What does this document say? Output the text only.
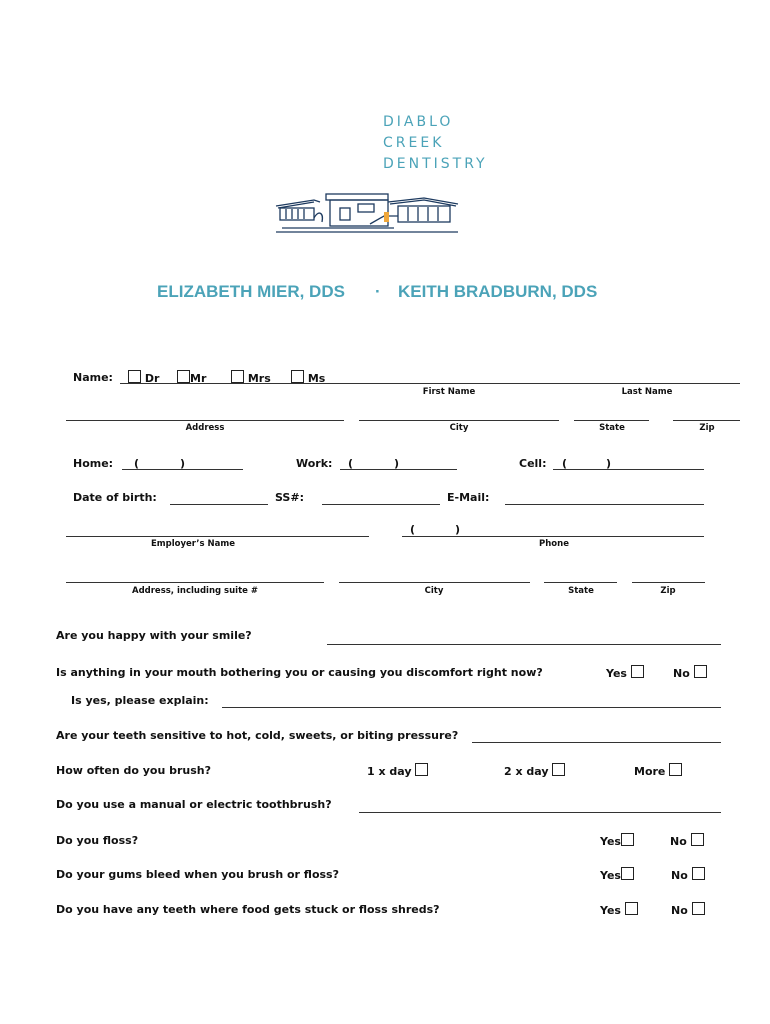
DIABLO
CREEK
DENTISTRY
ELIZABETH MIER, DDS · KEITH BRADBURN, DDS
Name:	Dr	Mr	Mrs	Ms
First Name	Last Name
Address	City	State	Zip
Home: (	)	Work: (	)	Cell: (	)
Date of birth:	SS#:	E-Mail:
(	)
Employer’s Name	Phone
Address, including suite #	City	State	Zip
Are you happy with your smile?
Is anything in your mouth bothering you or causing you discomfort right now?	Yes	No
Is yes, please explain:
Are your teeth sensitive to hot, cold, sweets, or biting pressure?
How often do you brush?	1 x day	2 x day	More
Do you use a manual or electric toothbrush?
Do you floss?	Yes	No
Do your gums bleed when you brush or floss?	Yes	No
Do you have any teeth where food gets stuck or floss shreds?	Yes	No
